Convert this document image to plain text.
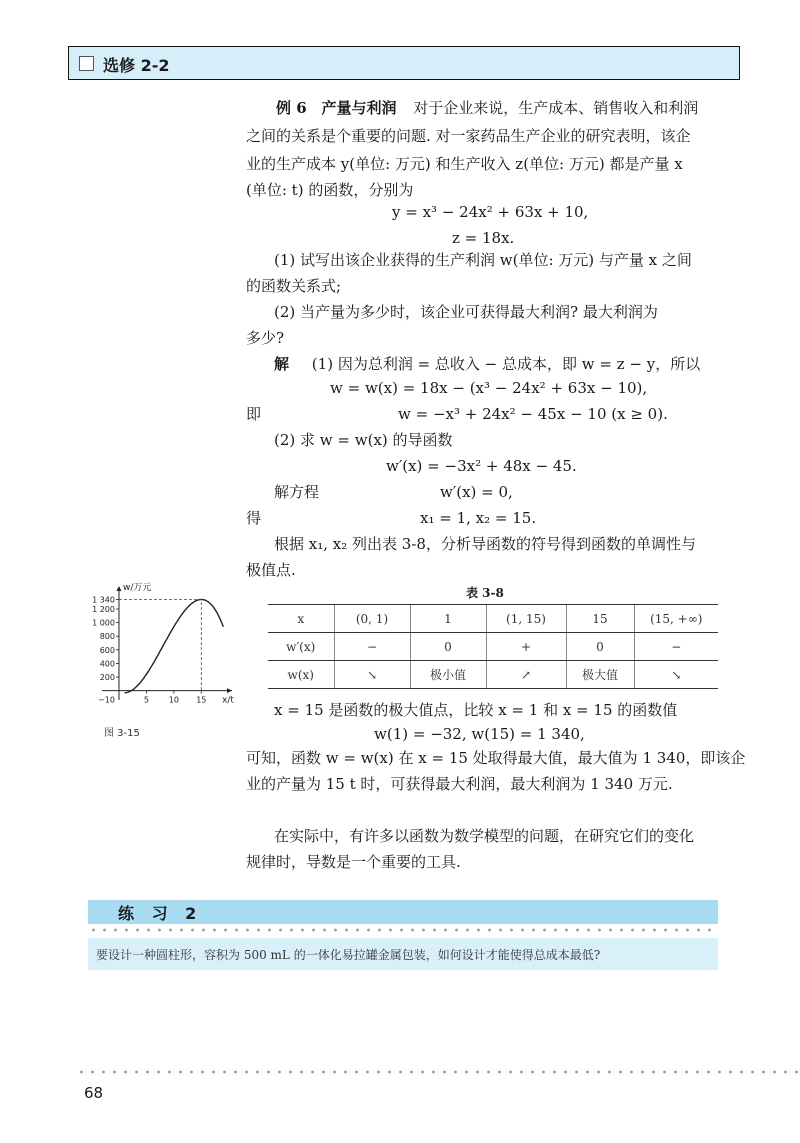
选修 2-2
例 6 产量与利润 对于企业来说，生产成本、销售收入和利润
之间的关系是个重要的问题. 对一家药品生产企业的研究表明，该企
业的生产成本 y(单位: 万元) 和生产收入 z(单位: 万元) 都是产量 x
(单位: t) 的函数，分别为
y = x³ − 24x² + 63x + 10,
z = 18x.
(1) 试写出该企业获得的生产利润 w(单位: 万元) 与产量 x 之间
的函数关系式;
(2) 当产量为多少时，该企业可获得最大利润? 最大利润为
多少?
解 (1) 因为总利润 = 总收入 − 总成本，即 w = z − y，所以
w = w(x) = 18x − (x³ − 24x² + 63x − 10),
即	w = −x³ + 24x² − 45x − 10 (x ≥ 0).
(2) 求 w = w(x) 的导函数
w′(x) = −3x² + 48x − 45.
解方程	w′(x) = 0,
得	x₁ = 1, x₂ = 15.
根据 x₁, x₂ 列出表 3-8，分析导函数的符号得到函数的单调性与
极值点.
表 3-8
x	(0, 1)	1	(1, 15)	15	(15, +∞)
w′(x)	−	0	+	0	−
w(x)	↘	极小值	↗	极大值	↘
200
400
600
800
1 000
1 200
1 340
−10	5 10 15
w/万元
x/t
图 3-15
x = 15 是函数的极大值点，比较 x = 1 和 x = 15 的函数值
w(1) = −32, w(15) = 1 340,
可知，函数 w = w(x) 在 x = 15 处取得最大值，最大值为 1 340，即该企
业的产量为 15 t 时，可获得最大利润，最大利润为 1 340 万元.
在实际中，有许多以函数为数学模型的问题，在研究它们的变化
规律时，导数是一个重要的工具.
练 习 2
要设计一种圆柱形，容积为 500 mL 的一体化易拉罐金属包装，如何设计才能使得总成本最低?
68
